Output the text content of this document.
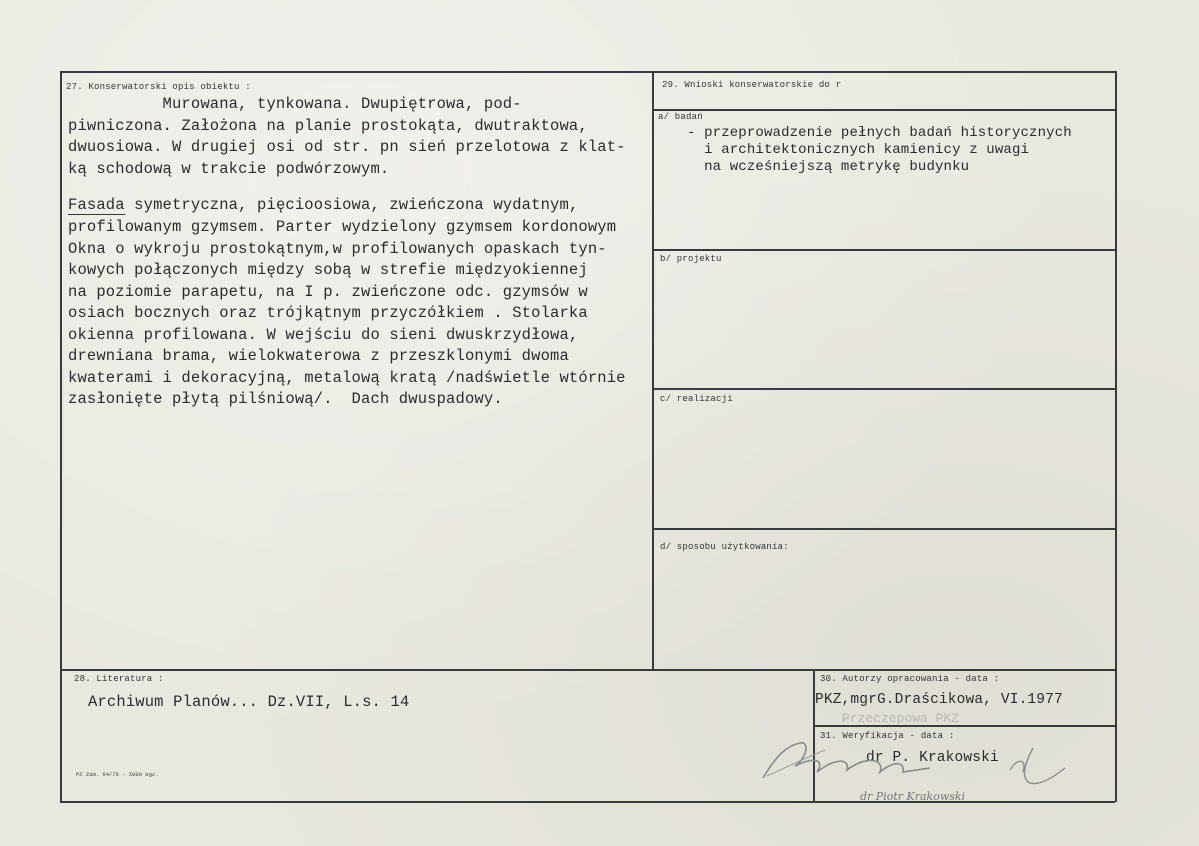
27. Konserwatorski opis obiektu :
Murowana, tynkowana. Dwupiętrowa, pod-
piwniczona. Założona na planie prostokąta, dwutraktowa,
dwuosiowa. W drugiej osi od str. pn sień przelotowa z klat-
ką schodową w trakcie podwórzowym.
Fasada symetryczna, pięcioosiowa, zwieńczona wydatnym,
profilowanym gzymsem. Parter wydzielony gzymsem kordonowym
Okna o wykroju prostokątnym,w profilowanych opaskach tyn-
kowych połączonych między sobą w strefie międzyokiennej
na poziomie parapetu, na I p. zwieńczone odc. gzymsów w
osiach bocznych oraz trójkątnym przyczółkiem . Stolarka
okienna profilowana. W wejściu do sieni dwuskrzydłowa,
drewniana brama, wielokwaterowa z przeszklonymi dwoma
kwaterami i dekoracyjną, metalową kratą /nadświetle wtórnie
zasłonięte płytą pilśniową/.  Dach dwuspadowy.
29. Wnioski konserwatorskie do r
a/ badań
- przeprowadzenie pełnych badań historycznych
i architektonicznych kamienicy z uwagi
na wcześniejszą metrykę budynku
b/ projektu
c/ realizacji
d/ sposobu użytkowania:
28. Literatura :
Archiwum Planów... Dz.VII, L.s. 14
PZ Zam. 64/76 - 5000 egz.
30. Autorzy opracowania - data :
PKZ,mgrG.Draścikowa, VI.1977
Przeczepowa PKZ
31. Weryfikacja - data :
dr P. Krakowski
dr Piotr Krakowski
